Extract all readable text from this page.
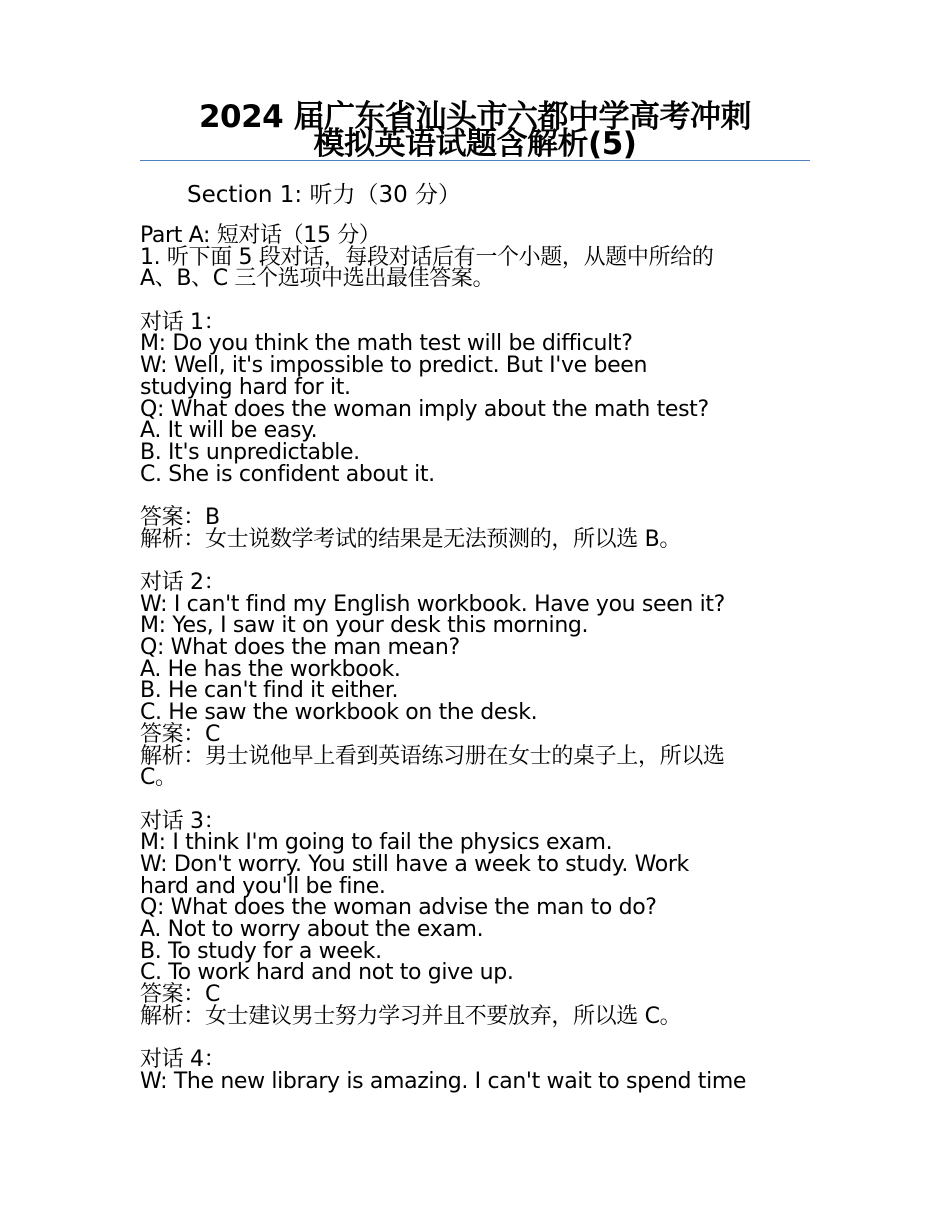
2024 届广东省汕头市六都中学高考冲刺
模拟英语试题含解析(5)
Section 1: 听力（30 分）
Part A: 短对话（15 分）
1. 听下面 5 段对话，每段对话后有一个小题，从题中所给的
A、B、C 三个选项中选出最佳答案。
对话 1：
M: Do you think the math test will be difficult?
W: Well, it's impossible to predict. But I've been
studying hard for it.
Q: What does the woman imply about the math test?
A. It will be easy.
B. It's unpredictable.
C. She is confident about it.
答案：B
解析：女士说数学考试的结果是无法预测的，所以选 B。
对话 2：
W: I can't find my English workbook. Have you seen it?
M: Yes, I saw it on your desk this morning.
Q: What does the man mean?
A. He has the workbook.
B. He can't find it either.
C. He saw the workbook on the desk.
答案：C
解析：男士说他早上看到英语练习册在女士的桌子上，所以选
C。
对话 3：
M: I think I'm going to fail the physics exam.
W: Don't worry. You still have a week to study. Work
hard and you'll be fine.
Q: What does the woman advise the man to do?
A. Not to worry about the exam.
B. To study for a week.
C. To work hard and not to give up.
答案：C
解析：女士建议男士努力学习并且不要放弃，所以选 C。
对话 4：
W: The new library is amazing. I can't wait to spend time
